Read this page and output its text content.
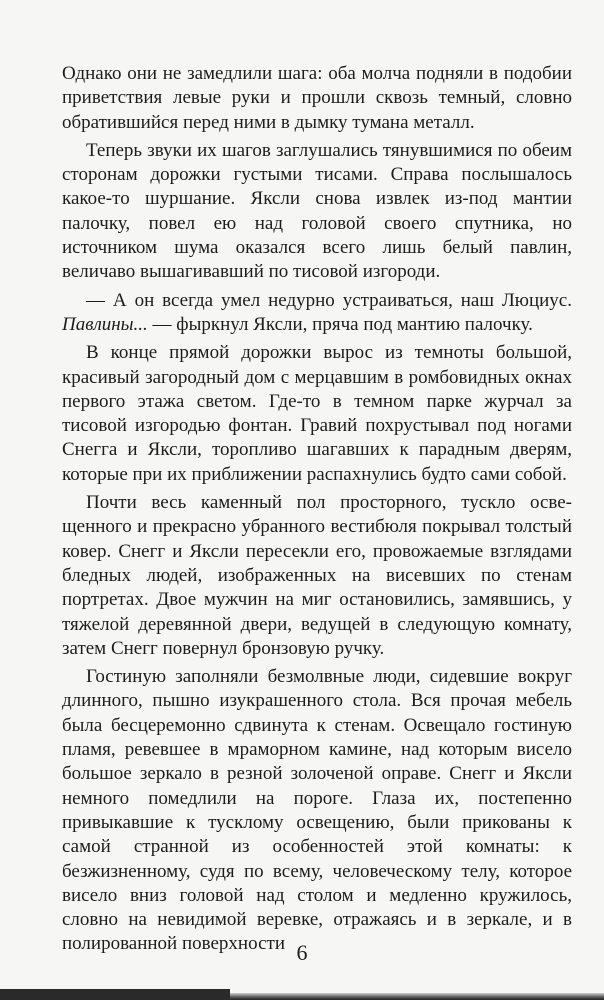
Однако они не замедлили шага: оба молча подняли в подобии приветствия левые руки и прошли сквозь темный, словно обратившийся перед ними в дымку тумана металл.

Теперь звуки их шагов заглушались тянувшимися по обеим сторонам дорожки густыми тисами. Справа послышалось какое-то шуршание. Яксли снова извлек из-под мантии палочку, повел ею над головой своего спутника, но источником шума оказался всего лишь белый павлин, величаво вышагивавший по тисовой изгороди.

— А он всегда умел недурно устраиваться, наш Люциус. Павлины... — фыркнул Яксли, пряча под мантию палочку.

В конце прямой дорожки вырос из темноты большой, красивый загородный дом с мерцавшим в ромбовидных окнах первого этажа светом. Где-то в темном парке журчал за тисовой изгородью фонтан. Гравий похрустывал под ногами Снегга и Яксли, торопливо шагавших к парадным дверям, которые при их приближении распахнулись будто сами собой.

Почти весь каменный пол просторного, тускло освещенного и прекрасно убранного вестибюля покрывал толстый ковер. Снегг и Яксли пересекли его, провожаемые взглядами бледных людей, изображенных на висевших по стенам портретах. Двое мужчин на миг остановились, замявшись, у тяжелой деревянной двери, ведущей в следующую комнату, затем Снегг повернул бронзовую ручку.

Гостиную заполняли безмолвные люди, сидевшие вокруг длинного, пышно изукрашенного стола. Вся прочая мебель была бесцеремонно сдвинута к стенам. Освещало гостиную пламя, ревевшее в мраморном камине, над которым висело большое зеркало в резной золоченой оправе. Снегг и Яксли немного помедлили на пороге. Глаза их, постепенно привыкавшие к тусклому освещению, были прикованы к самой странной из особенностей этой комнаты: к безжизненному, судя по всему, человеческому телу, которое висело вниз головой над столом и медленно кружилось, словно на невидимой веревке, отражаясь и в зеркале, и в полированной поверхности 6
